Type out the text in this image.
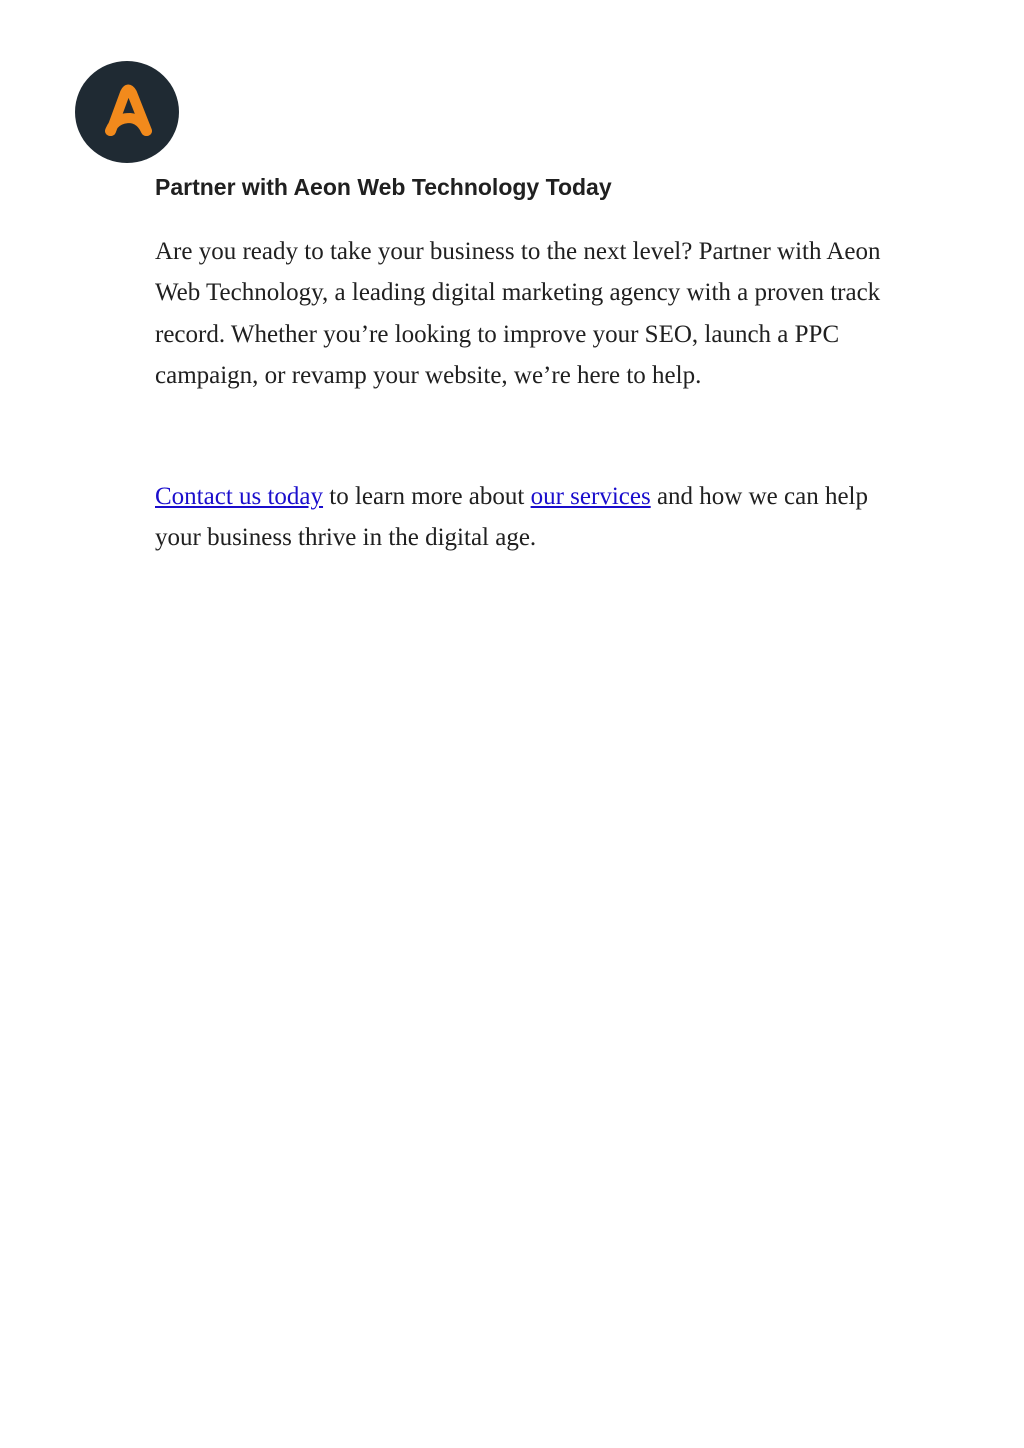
Partner with Aeon Web Technology Today

Are you ready to take your business to the next level? Partner with Aeon Web Technology, a leading digital marketing agency with a proven track record. Whether you’re looking to improve your SEO, launch a PPC campaign, or revamp your website, we’re here to help.

Contact us today to learn more about our services and how we can help your business thrive in the digital age.
